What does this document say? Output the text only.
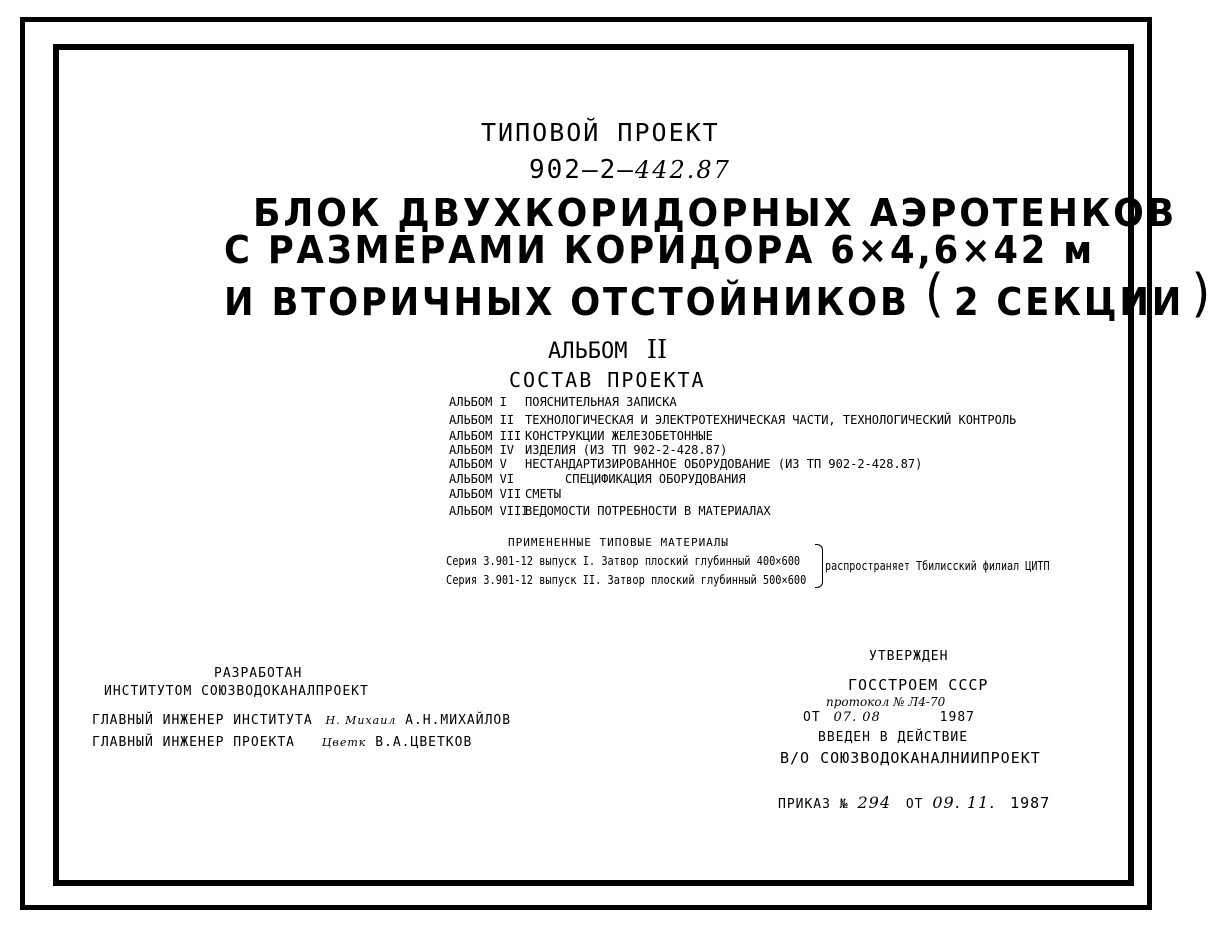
ТИПОВОЙ ПРОЕКТ
902–2–442.87
БЛОК ДВУХКОРИДОРНЫХ АЭРОТЕНКОВ
С РАЗМЕРАМИ КОРИДОРА 6×4,6×42 м
И ВТОРИЧНЫХ ОТСТОЙНИКОВ ( 2 СЕКЦИИ )
АЛЬБОМ II
СОСТАВ ПРОЕКТА
АЛЬБОМ I ПОЯСНИТЕЛЬНАЯ ЗАПИСКА
АЛЬБОМ II ТЕХНОЛОГИЧЕСКАЯ И ЭЛЕКТРОТЕХНИЧЕСКАЯ ЧАСТИ, ТЕХНОЛОГИЧЕСКИЙ КОНТРОЛЬ
АЛЬБОМ III КОНСТРУКЦИИ ЖЕЛЕЗОБЕТОННЫЕ
АЛЬБОМ IV ИЗДЕЛИЯ (ИЗ ТП 902-2-428.87)
АЛЬБОМ V НЕСТАНДАРТИЗИРОВАННОЕ ОБОРУДОВАНИЕ (ИЗ ТП 902-2-428.87)
АЛЬБОМ VI	СПЕЦИФИКАЦИЯ ОБОРУДОВАНИЯ
АЛЬБОМ VII СМЕТЫ
АЛЬБОМ VIIIВЕДОМОСТИ ПОТРЕБНОСТИ В МАТЕРИАЛАХ
ПРИМЕНЕННЫЕ ТИПОВЫЕ МАТЕРИАЛЫ
Серия 3.901-12 выпуск I. Затвор плоский глубинный 400×600
Серия 3.901-12 выпуск II. Затвор плоский глубинный 500×600
распространяет Тбилисский филиал ЦИТП
РАЗРАБОТАН
ИНСТИТУТОМ СОЮЗВОДОКАНАЛПРОЕКТ
ГЛАВНЫЙ ИНЖЕНЕР ИНСТИТУТА Н. Михаил А.Н.МИХАЙЛОВ
ГЛАВНЫЙ ИНЖЕНЕР ПРОЕКТА Цветк В.А.ЦВЕТКОВ
УТВЕРЖДЕН
ГОССТРОЕМ СССР
протокол № Л4-70
ОТ 07. 08	1987
ВВЕДЕН В ДЕЙСТВИЕ
В/О СОЮЗВОДОКАНАЛНИИПРОЕКТ
ПРИКАЗ № 294 ОТ 09. 11. 1987
